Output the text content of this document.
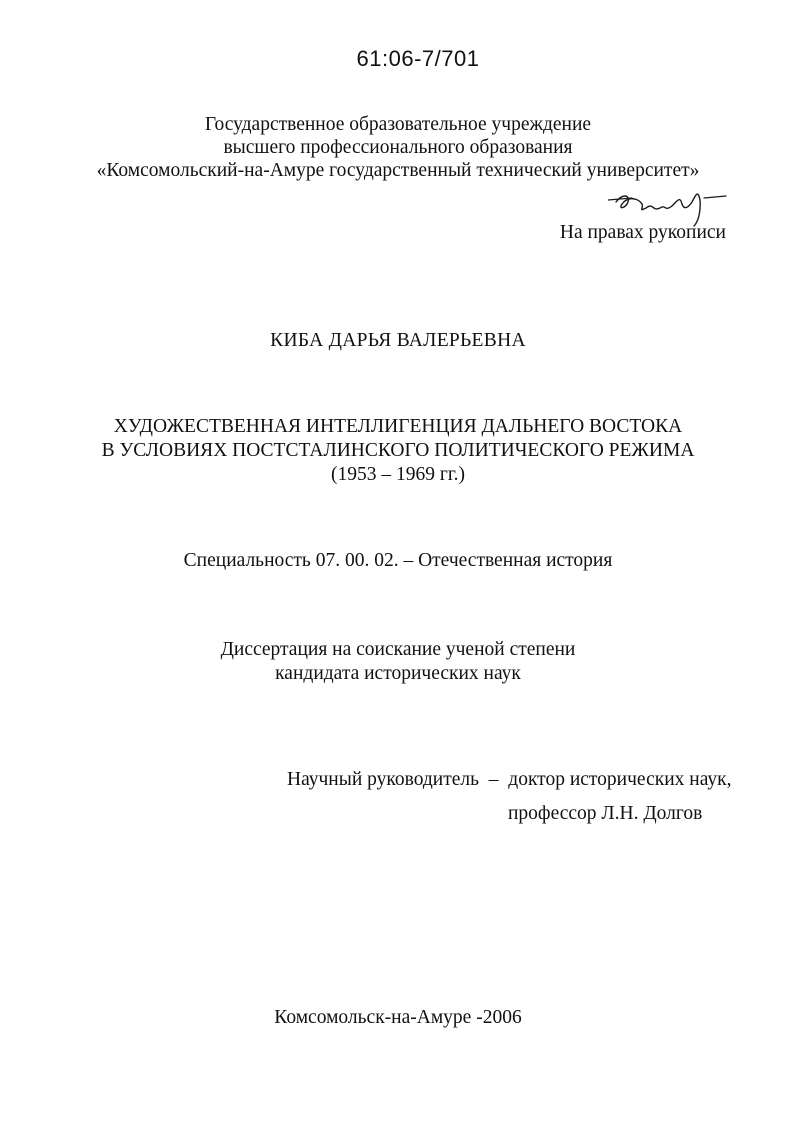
61:06-7/701
Государственное образовательное учреждение
высшего профессионального образования
«Комсомольский-на-Амуре государственный технический университет»
На правах рукописи
КИБА ДАРЬЯ ВАЛЕРЬЕВНА
ХУДОЖЕСТВЕННАЯ ИНТЕЛЛИГЕНЦИЯ ДАЛЬНЕГО ВОСТОКА
В УСЛОВИЯХ ПОСТСТАЛИНСКОГО ПОЛИТИЧЕСКОГО РЕЖИМА
(1953 – 1969 гг.)
Специальность 07. 00. 02. – Отечественная история
Диссертация на соискание ученой степени
кандидата исторических наук
Научный руководитель  –  доктор исторических наук,
профессор Л.Н. Долгов
Комсомольск-на-Амуре -2006
